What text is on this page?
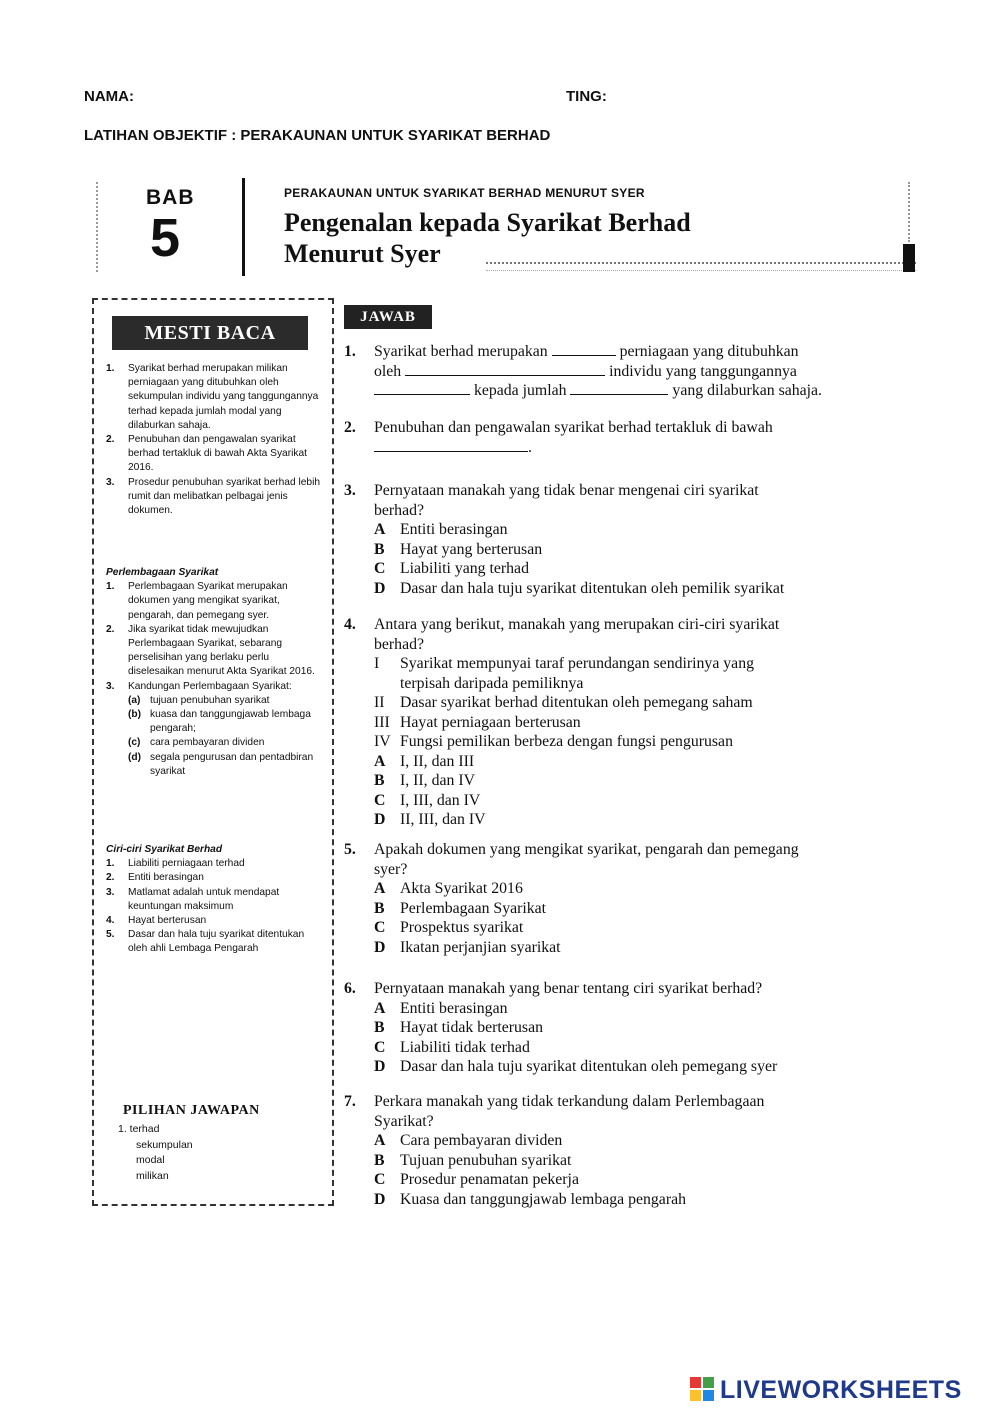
NAMA:	TING:
LATIHAN OBJEKTIF : PERAKAUNAN UNTUK SYARIKAT BERHAD
BAB
5
PERAKAUNAN UNTUK SYARIKAT BERHAD MENURUT SYER
Pengenalan kepada Syarikat Berhad
Menurut Syer
MESTI BACA
1.	Syarikat berhad merupakan milikan perniagaan yang ditubuhkan oleh sekumpulan individu yang tanggungannya terhad kepada jumlah modal yang dilaburkan sahaja.
2.	Penubuhan dan pengawalan syarikat berhad tertakluk di bawah Akta Syarikat 2016.
3.	Prosedur penubuhan syarikat berhad lebih rumit dan melibatkan pelbagai jenis dokumen.
Perlembagaan Syarikat
1.	Perlembagaan Syarikat merupakan dokumen yang mengikat syarikat, pengarah, dan pemegang syer.
2.	Jika syarikat tidak mewujudkan Perlembagaan Syarikat, sebarang perselisihan yang berlaku perlu diselesaikan menurut Akta Syarikat 2016.
3.	Kandungan Perlembagaan Syarikat:
(a) tujuan penubuhan syarikat
(b) kuasa dan tanggungjawab lembaga pengarah;
(c) cara pembayaran dividen
(d) segala pengurusan dan pentadbiran syarikat
Ciri-ciri Syarikat Berhad
1.	Liabiliti perniagaan terhad
2.	Entiti berasingan
3.	Matlamat adalah untuk mendapat keuntungan maksimum
4.	Hayat berterusan
5.	Dasar dan hala tuju syarikat ditentukan oleh ahli Lembaga Pengarah
PILIHAN JAWAPAN
1. terhad
sekumpulan
modal
milikan
JAWAB
1. Syarikat berhad merupakan	perniagaan yang ditubuhkan
oleh	individu yang tanggungannya
kepada jumlah	yang dilaburkan sahaja.
2. Penubuhan dan pengawalan syarikat berhad tertakluk di bawah
.
3. Pernyataan manakah yang tidak benar mengenai ciri syarikat
berhad?
A Entiti berasingan
B Hayat yang berterusan
C Liabiliti yang terhad
D Dasar dan hala tuju syarikat ditentukan oleh pemilik syarikat
4. Antara yang berikut, manakah yang merupakan ciri-ciri syarikat
berhad?
I Syarikat mempunyai taraf perundangan sendirinya yang
terpisah daripada pemiliknya
II Dasar syarikat berhad ditentukan oleh pemegang saham
III Hayat perniagaan berterusan
IV Fungsi pemilikan berbeza dengan fungsi pengurusan
A I, II, dan III
B I, II, dan IV
C I, III, dan IV
D II, III, dan IV
5. Apakah dokumen yang mengikat syarikat, pengarah dan pemegang
syer?
A Akta Syarikat 2016
B Perlembagaan Syarikat
C Prospektus syarikat
D Ikatan perjanjian syarikat
6. Pernyataan manakah yang benar tentang ciri syarikat berhad?
A Entiti berasingan
B Hayat tidak berterusan
C Liabiliti tidak terhad
D Dasar dan hala tuju syarikat ditentukan oleh pemegang syer
7. Perkara manakah yang tidak terkandung dalam Perlembagaan
Syarikat?
A Cara pembayaran dividen
B Tujuan penubuhan syarikat
C Prosedur penamatan pekerja
D Kuasa dan tanggungjawab lembaga pengarah
LIVEWORKSHEETS
